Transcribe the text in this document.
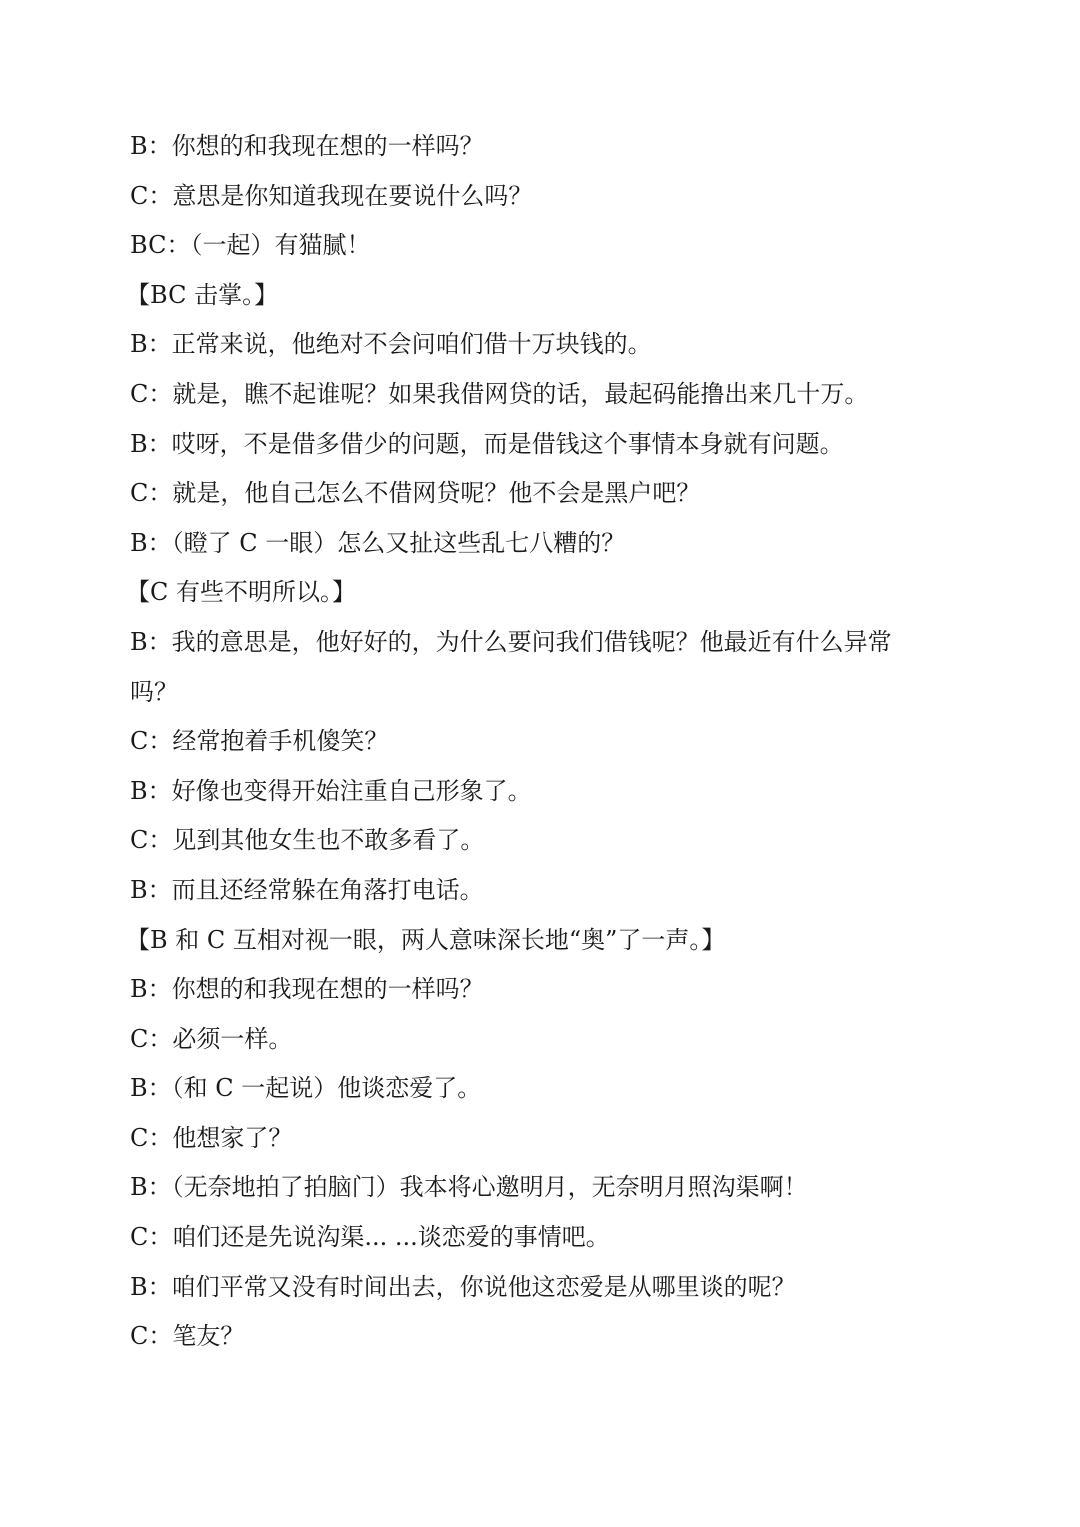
B：你想的和我现在想的一样吗？
C：意思是你知道我现在要说什么吗？
BC：（一起）有猫腻！
【BC 击掌。】
B：正常来说，他绝对不会问咱们借十万块钱的。
C：就是，瞧不起谁呢？如果我借网贷的话，最起码能撸出来几十万。
B：哎呀，不是借多借少的问题，而是借钱这个事情本身就有问题。
C：就是，他自己怎么不借网贷呢？他不会是黑户吧？
B：（瞪了 C 一眼）怎么又扯这些乱七八糟的？
【C 有些不明所以。】
B：我的意思是，他好好的，为什么要问我们借钱呢？他最近有什么异常
吗？
C：经常抱着手机傻笑？
B：好像也变得开始注重自己形象了。
C：见到其他女生也不敢多看了。
B：而且还经常躲在角落打电话。
【B 和 C 互相对视一眼，两人意味深长地“奥”了一声。】
B：你想的和我现在想的一样吗？
C：必须一样。
B：（和 C 一起说）他谈恋爱了。
C：他想家了？
B：（无奈地拍了拍脑门）我本将心邀明月，无奈明月照沟渠啊！
C：咱们还是先说沟渠... ...谈恋爱的事情吧。
B：咱们平常又没有时间出去，你说他这恋爱是从哪里谈的呢？
C：笔友？
